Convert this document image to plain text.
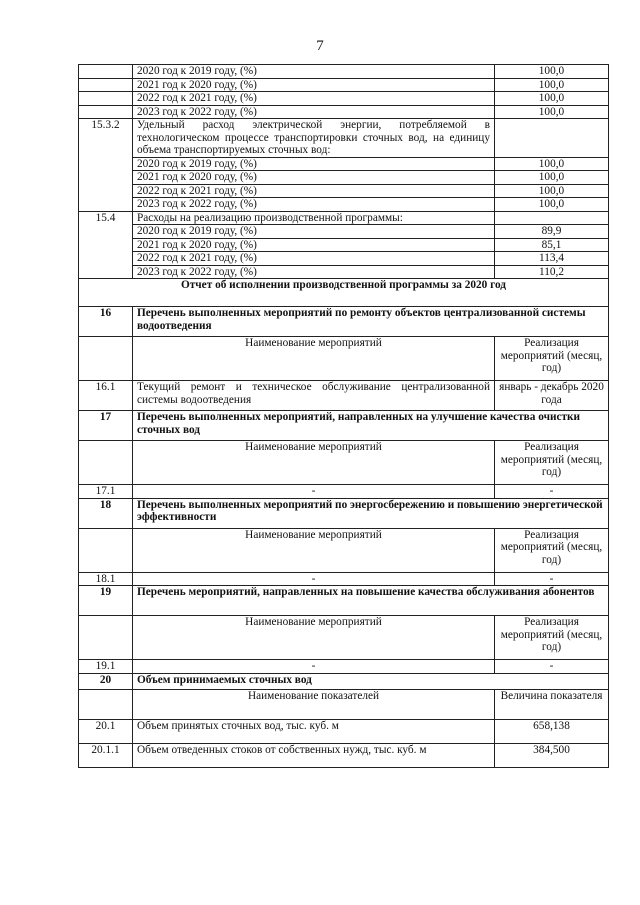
7
	2020 год к 2019 году, (%)	100,0
	2021 год к 2020 году, (%)	100,0
	2022 год к 2021 году, (%)	100,0
	2023 год к 2022 году, (%)	100,0
15.3.2	Удельный расход электрической энергии, потребляемой в технологическом процессе транспортировки сточных вод, на единицу объема транспортируемых сточных вод:	
	2020 год к 2019 году, (%)	100,0
	2021 год к 2020 году, (%)	100,0
	2022 год к 2021 году, (%)	100,0
	2023 год к 2022 году, (%)	100,0
15.4	Расходы на реализацию производственной программы:	
	2020 год к 2019 году, (%)	89,9
	2021 год к 2020 году, (%)	85,1
	2022 год к 2021 году, (%)	113,4
	2023 год к 2022 году, (%)	110,2
Отчет об исполнении производственной программы за 2020 год		
16	Перечень выполненных мероприятий по ремонту объектов централизованной системы водоотведения	
	Наименование мероприятий	Реализация мероприятий (месяц, год)
16.1	Текущий ремонт и техническое обслуживание централизованной системы водоотведения	январь - декабрь 2020 года
17	Перечень выполненных мероприятий, направленных на улучшение качества очистки сточных вод	
	Наименование мероприятий	Реализация мероприятий (месяц, год)
17.1	-	-
18	Перечень выполненных мероприятий по энергосбережению и повышению энергетической эффективности	
	Наименование мероприятий	Реализация мероприятий (месяц, год)
18.1	-	-
19	Перечень мероприятий, направленных на повышение качества обслуживания абонентов	
	Наименование мероприятий	Реализация мероприятий (месяц, год)
19.1	-	-
20	Объем принимаемых сточных вод	
	Наименование показателей	Величина показателя
20.1	Объем принятых сточных вод, тыс. куб. м	658,138
20.1.1	Объем отведенных стоков от собственных нужд, тыс. куб. м	384,500
